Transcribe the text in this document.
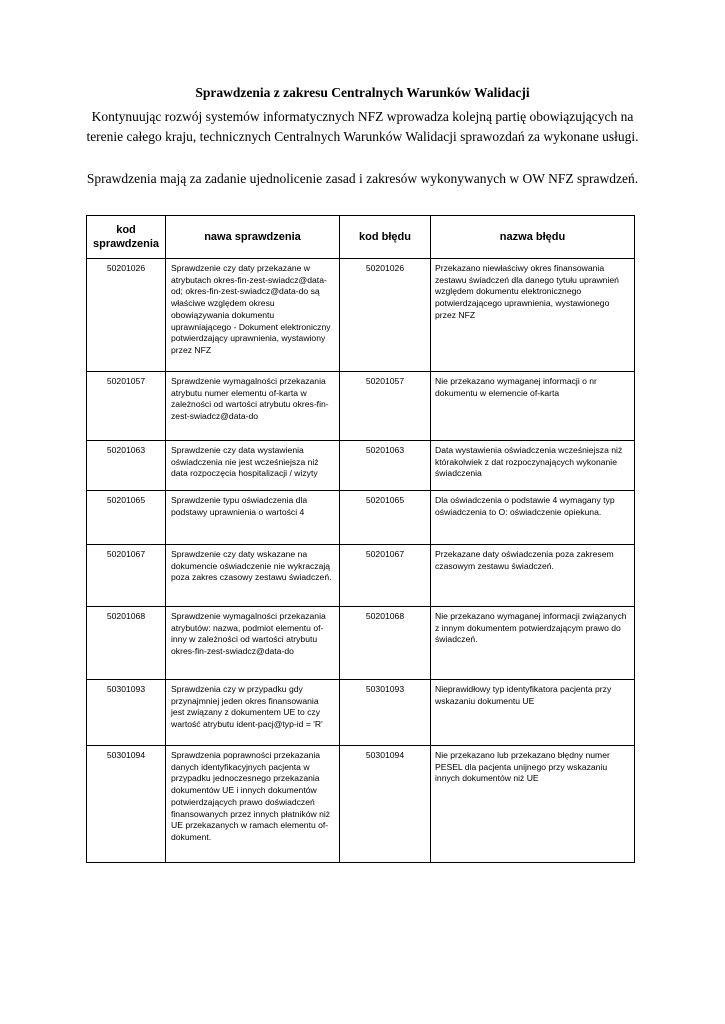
Sprawdzenia z zakresu Centralnych Warunków Walidacji
Kontynuując rozwój systemów informatycznych NFZ wprowadza kolejną partię obowiązujących na terenie całego kraju, technicznych Centralnych Warunków Walidacji sprawozdań za wykonane usługi.
Sprawdzenia mają za zadanie ujednolicenie zasad i zakresów wykonywanych w OW NFZ sprawdzeń.
kod sprawdzenia	nawa sprawdzenia	kod błędu	nazwa błędu
50201026	Sprawdzenie czy daty przekazane w atrybutach okres-fin-zest-swiadcz@data-od; okres-fin-zest-swiadcz@data-do są właściwe względem okresu obowiązywania dokumentu uprawniającego - Dokument elektroniczny potwierdzający uprawnienia, wystawiony przez NFZ	50201026	Przekazano niewłaściwy okres finansowania zestawu świadczeń dla danego tytułu uprawnień względem dokumentu elektronicznego potwierdzającego uprawnienia, wystawionego przez NFZ
50201057	Sprawdzenie wymagalności przekazania atrybutu numer elementu of-karta w zależności od wartości atrybutu okres-fin-zest-swiadcz@data-do	50201057	Nie przekazano wymaganej informacji o nr dokumentu w elemencie of-karta
50201063	Sprawdzenie czy data wystawienia oświadczenia nie jest wcześniejsza niż data rozpoczęcia hospitalizacji / wizyty	50201063	Data wystawienia oświadczenia wcześniejsza niż którakolwiek z dat rozpoczynających wykonanie świadczenia
50201065	Sprawdzenie typu oświadczenia dla podstawy uprawnienia o wartości 4	50201065	Dla oświadczenia o podstawie 4 wymagany typ oświadczenia to O: oświadczenie opiekuna.
50201067	Sprawdzenie czy daty wskazane na dokumencie oświadczenie nie wykraczają poza zakres czasowy zestawu świadczeń.	50201067	Przekazane daty oświadczenia poza zakresem czasowym zestawu świadczeń.
50201068	Sprawdzenie wymagalności przekazania atrybutów: nazwa, podmiot elementu of-inny w zależności od wartości atrybutu okres-fin-zest-swiadcz@data-do	50201068	Nie przekazano wymaganej informacji związanych z innym dokumentem potwierdzającym prawo do świadczeń.
50301093	Sprawdzenia czy w przypadku gdy przynajmniej jeden okres finansowania jest związany z dokumentem UE to czy wartość atrybutu ident-pacj@typ-id = 'R'	50301093	Nieprawidłowy typ identyfikatora pacjenta przy wskazaniu dokumentu UE
50301094	Sprawdzenia poprawności przekazania danych identyfikacyjnych pacjenta w przypadku jednoczesnego przekazania dokumentów UE i innych dokumentów potwierdzających prawo doświadczeń finansowanych przez innych płatników niż UE przekazanych w ramach elementu of-dokument.	50301094	Nie przekazano lub przekazano błędny numer PESEL dla pacjenta unijnego przy wskazaniu innych dokumentów niż UE
